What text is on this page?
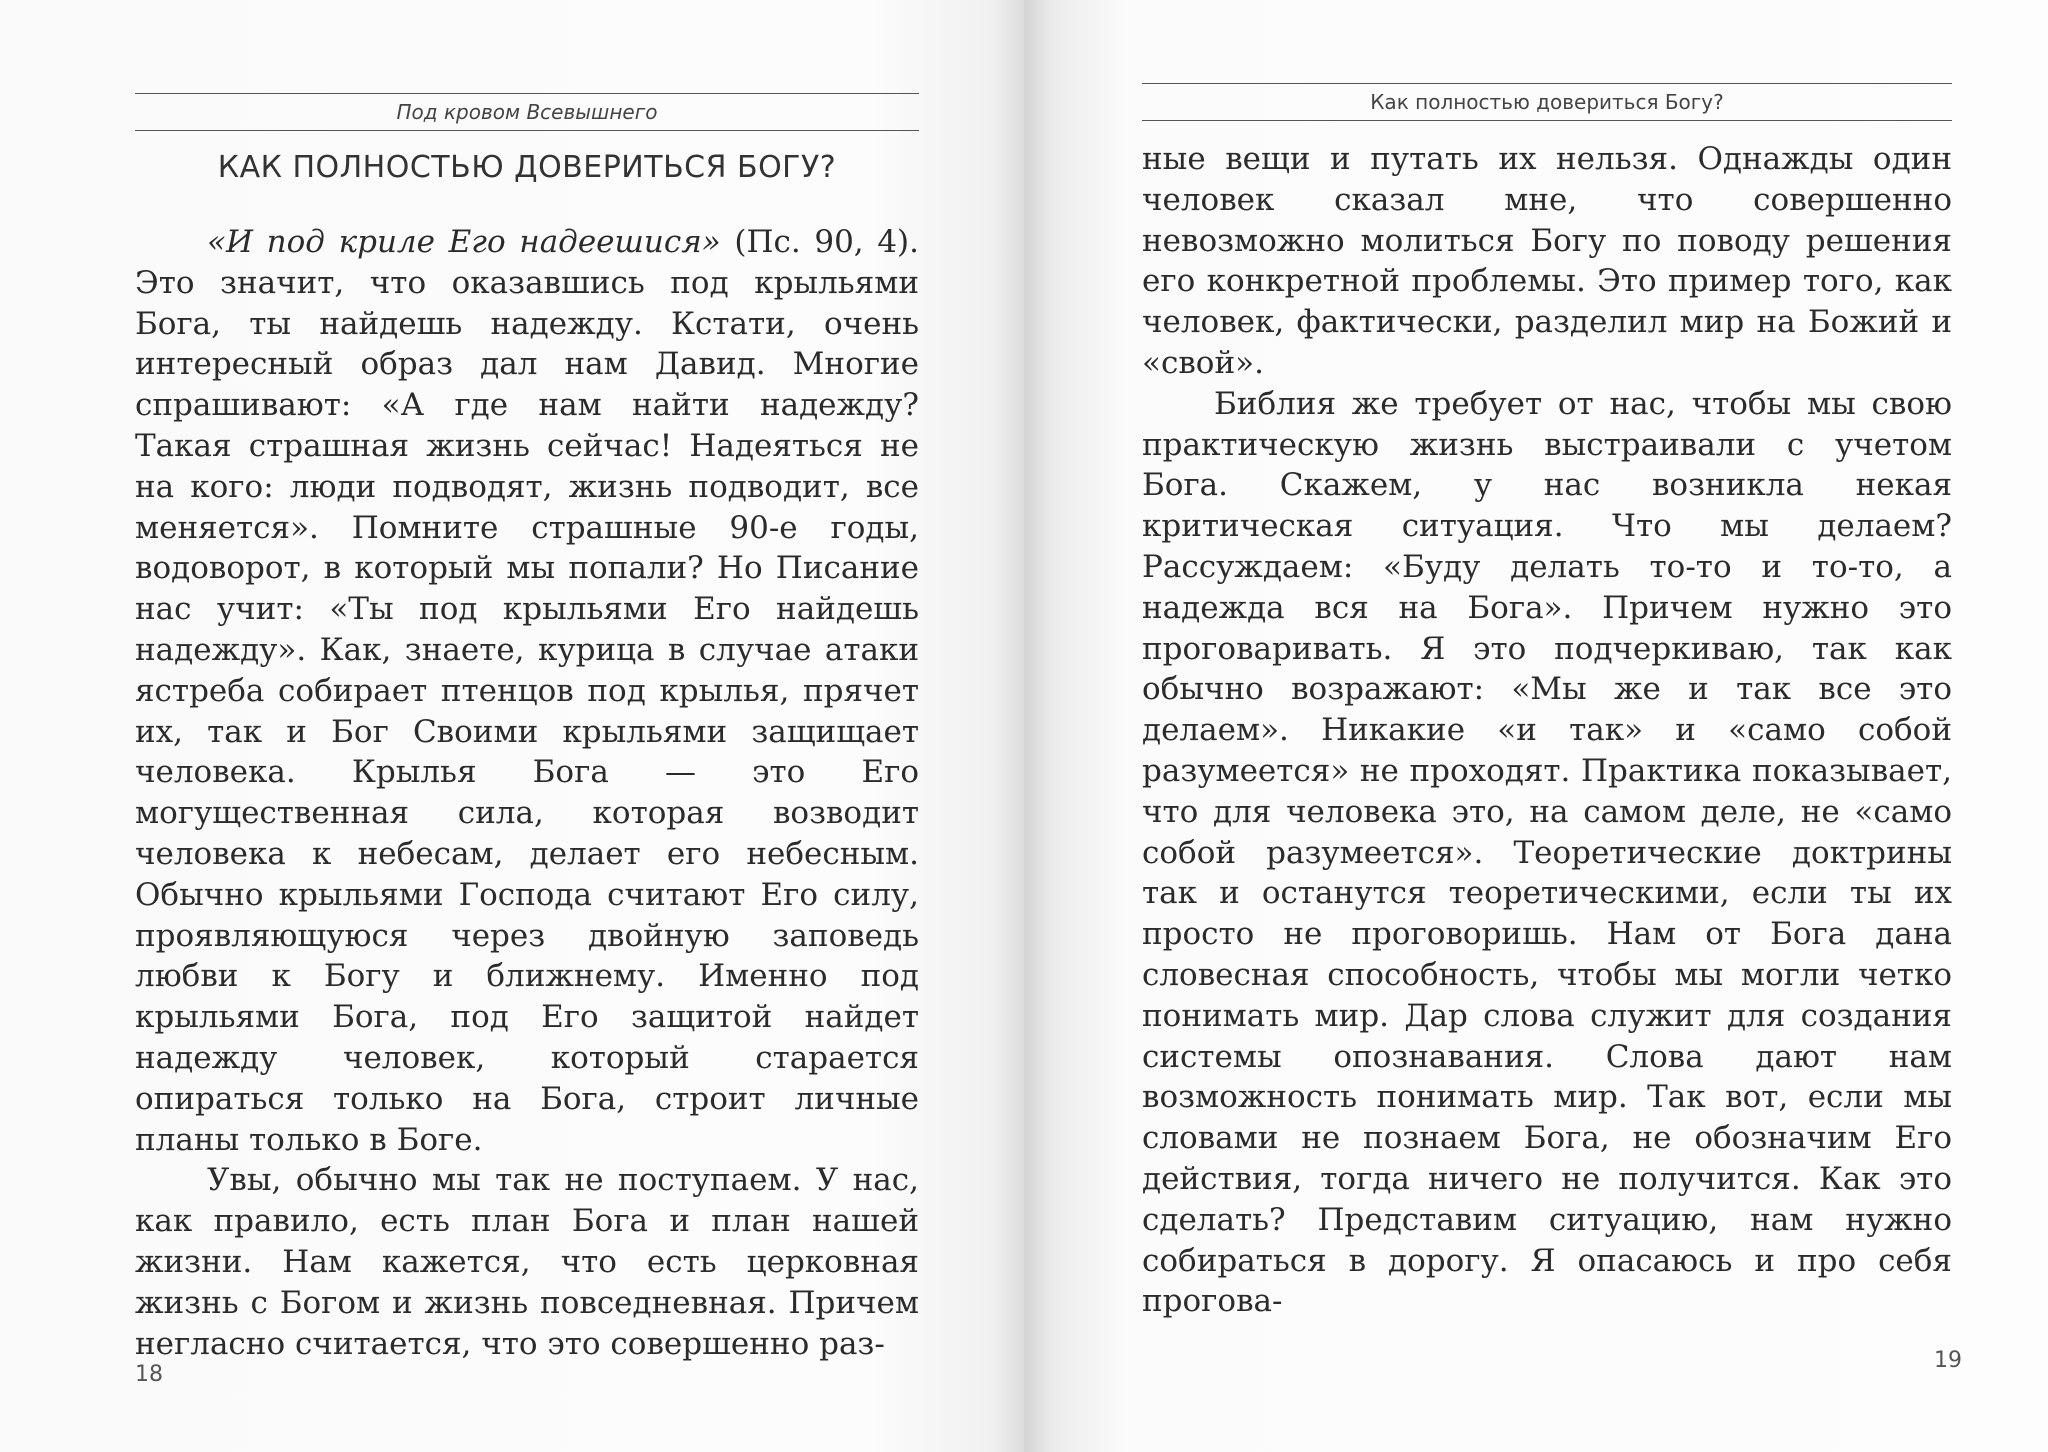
Под кровом Всевышнего
КАК ПОЛНОСТЬЮ ДОВЕРИТЬСЯ БОГУ?

«И под криле Его надеешися» (Пс. 90, 4). Это значит, что оказавшись под крыльями Бога, ты найдешь надежду. Кстати, очень интересный образ дал нам Давид. Многие спрашивают: «А где нам найти надежду? Такая страшная жизнь сейчас! Надеяться не на кого: люди подводят, жизнь подводит, все меняется». Помните страшные 90-е годы, водоворот, в который мы попали? Но Писание нас учит: «Ты под крыльями Его найдешь надежду». Как, знаете, курица в случае атаки ястреба собирает птенцов под крылья, прячет их, так и Бог Своими крыльями защищает человека. Крылья Бога — это Его могущественная сила, которая возводит человека к небесам, делает его небесным. Обычно крыльями Господа считают Его силу, проявляющуюся через двойную заповедь любви к Богу и ближнему. Именно под крыльями Бога, под Его защитой найдет надежду человек, который старается опираться только на Бога, строит личные планы только в Боге.

Увы, обычно мы так не поступаем. У нас, как правило, есть план Бога и план нашей жизни. Нам кажется, что есть церковная жизнь с Богом и жизнь повседневная. Причем негласно считается, что это совершенно раз-

18
Как полностью довериться Богу?

ные вещи и путать их нельзя. Однажды один человек сказал мне, что совершенно невозможно молиться Богу по поводу решения его конкретной проблемы. Это пример того, как человек, фактически, разделил мир на Божий и «свой».

Библия же требует от нас, чтобы мы свою практическую жизнь выстраивали с учетом Бога. Скажем, у нас возникла некая критическая ситуация. Что мы делаем? Рассуждаем: «Буду делать то-то и то-то, а надежда вся на Бога». Причем нужно это проговаривать. Я это подчеркиваю, так как обычно возражают: «Мы же и так все это делаем». Никакие «и так» и «само собой разумеется» не проходят. Практика показывает, что для человека это, на самом деле, не «само собой разумеется». Теоретические доктрины так и останутся теоретическими, если ты их просто не проговоришь. Нам от Бога дана словесная способность, чтобы мы могли четко понимать мир. Дар слова служит для создания системы опознавания. Слова дают нам возможность понимать мир. Так вот, если мы словами не познаем Бога, не обозначим Его действия, тогда ничего не получится. Как это сделать? Представим ситуацию, нам нужно собираться в дорогу. Я опасаюсь и про себя проговa-

19
